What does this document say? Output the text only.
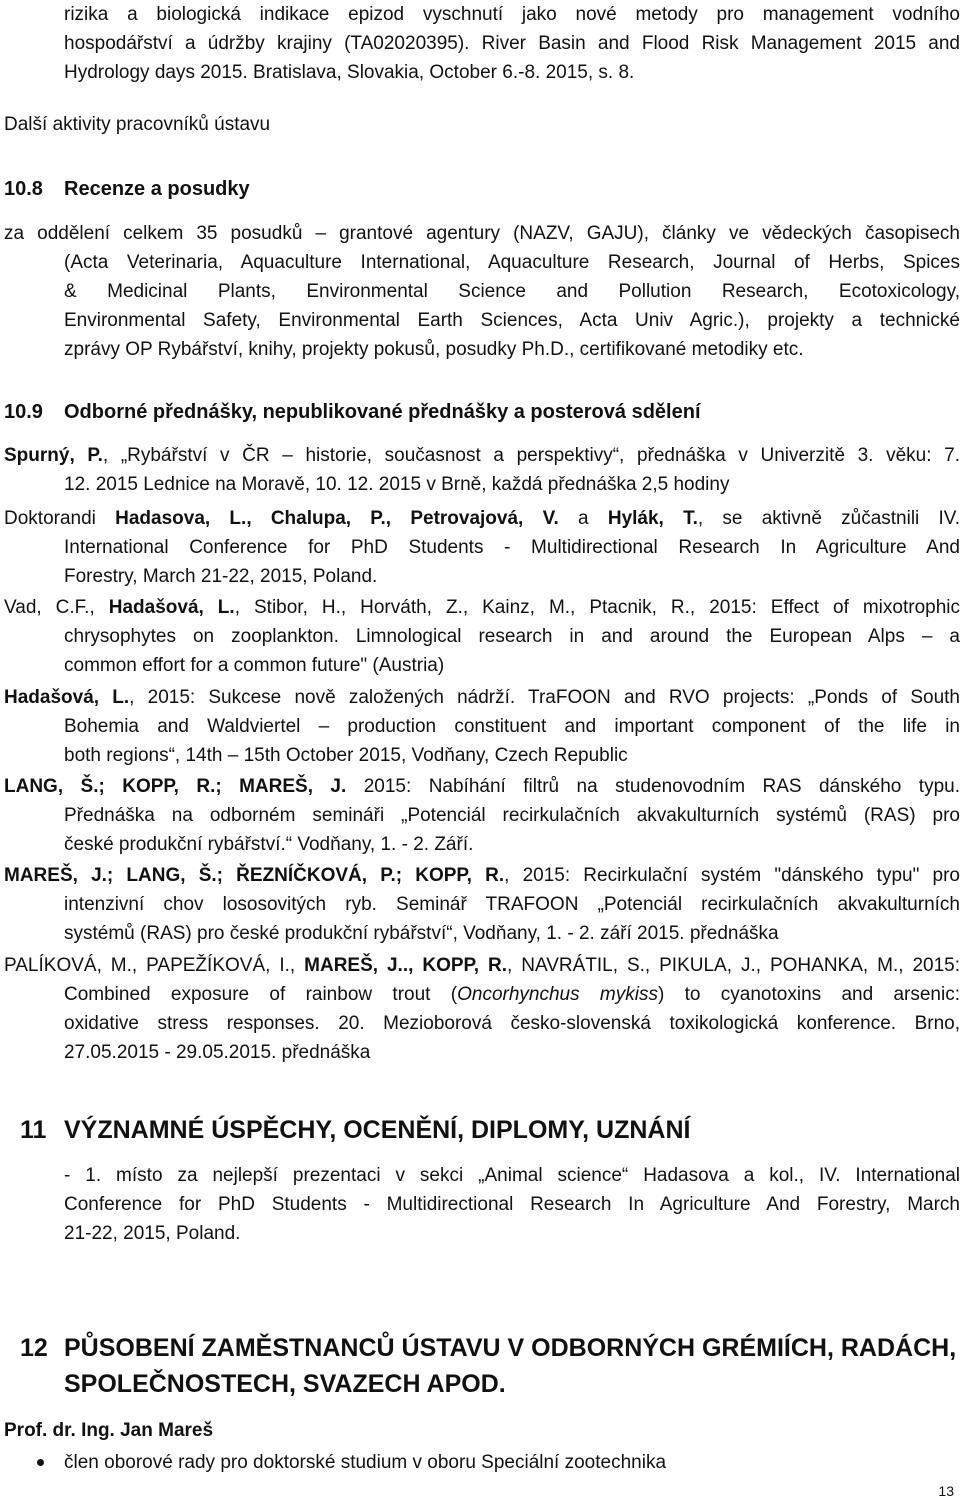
rizika a biologická indikace epizod vyschnutí jako nové metody pro management vodního
hospodářství a údržby krajiny (TA02020395). River Basin and Flood Risk Management 2015 and
Hydrology days 2015. Bratislava, Slovakia, October 6.-8. 2015, s. 8.
Další aktivity pracovníků ústavu
10.8 Recenze a posudky
za oddělení celkem 35 posudků – grantové agentury (NAZV, GAJU), články ve vědeckých časopisech
(Acta Veterinaria, Aquaculture International, Aquaculture Research, Journal of Herbs, Spices
& Medicinal Plants, Environmental Science and Pollution Research, Ecotoxicology,
Environmental Safety, Environmental Earth Sciences, Acta Univ Agric.), projekty a technické
zprávy OP Rybářství, knihy, projekty pokusů, posudky Ph.D., certifikované metodiky etc.
10.9 Odborné přednášky, nepublikované přednášky a posterová sdělení
Spurný, P., „Rybářství v ČR – historie, současnost a perspektivy“, přednáška v Univerzitě 3. věku: 7.
12. 2015 Lednice na Moravě, 10. 12. 2015 v Brně, každá přednáška 2,5 hodiny
Doktorandi Hadasova, L., Chalupa, P., Petrovajová, V. a Hylák, T., se aktivně zůčastnili IV.
International Conference for PhD Students - Multidirectional Research In Agriculture And
Forestry, March 21-22, 2015, Poland.
Vad, C.F., Hadašová, L., Stibor, H., Horváth, Z., Kainz, M., Ptacnik, R., 2015: Effect of mixotrophic
chrysophytes on zooplankton. Limnological research in and around the European Alps – a
common effort for a common future" (Austria)
Hadašová, L., 2015: Sukcese nově založených nádrží. TraFOON and RVO projects: „Ponds of South
Bohemia and Waldviertel – production constituent and important component of the life in
both regions“, 14th – 15th October 2015, Vodňany, Czech Republic
LANG, Š.; KOPP, R.; MAREŠ, J. 2015: Nabíhání filtrů na studenovodním RAS dánského typu.
Přednáška na odborném semináři „Potenciál recirkulačních akvakulturních systémů (RAS) pro
české produkční rybářství.“ Vodňany, 1. - 2. Září.
MAREŠ, J.; LANG, Š.; ŘEZNÍČKOVÁ, P.; KOPP, R., 2015: Recirkulační systém "dánského typu" pro
intenzivní chov lososovitých ryb. Seminář TRAFOON „Potenciál recirkulačních akvakulturních
systémů (RAS) pro české produkční rybářství“, Vodňany, 1. - 2. září 2015. přednáška
PALÍKOVÁ, M., PAPEŽÍKOVÁ, I., MAREŠ, J.., KOPP, R., NAVRÁTIL, S., PIKULA, J., POHANKA, M., 2015:
Combined exposure of rainbow trout (Oncorhynchus mykiss) to cyanotoxins and arsenic:
oxidative stress responses. 20. Mezioborová česko-slovenská toxikologická konference. Brno,
27.05.2015 - 29.05.2015. přednáška
11 VÝZNAMNÉ ÚSPĚCHY, OCENĚNÍ, DIPLOMY, UZNÁNÍ
- 1. místo za nejlepší prezentaci v sekci „Animal science“ Hadasova a kol., IV. International
Conference for PhD Students - Multidirectional Research In Agriculture And Forestry, March
21-22, 2015, Poland.
12 PŮSOBENÍ ZAMĚSTNANCŮ ÚSTAVU V ODBORNÝCH GRÉMIÍCH, RADÁCH,
SPOLEČNOSTECH, SVAZECH APOD.
Prof. dr. Ing. Jan Mareš
člen oborové rady pro doktorské studium v oboru Speciální zootechnika
13
